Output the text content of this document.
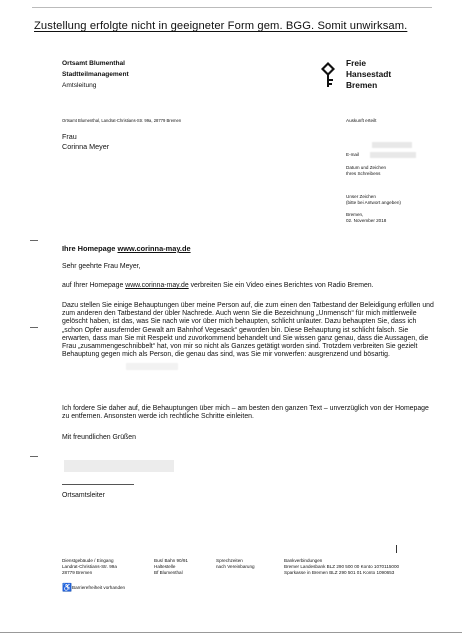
Zustellung erfolgte nicht in geeigneter Form gem. BGG. Somit unwirksam.
Ortsamt Blumenthal
Stadtteilmanagement
Amtsleitung
Freie
Hansestadt
Bremen
Ortsamt Blumenthal, Landrat-Christians-Str. 99a, 28779 Bremen
Frau
Corinna Meyer
Auskunft erteilt
E-mail
Datum und Zeichen
Ihres Schreibens
Unser Zeichen
(bitte bei Antwort angeben)
Bremen,
02. November 2018
Ihre Homepage www.corinna-may.de
Sehr geehrte Frau Meyer,
auf Ihrer Homepage www.corinna-may.de verbreiten Sie ein Video eines Berichtes von Radio Bremen.
Dazu stellen Sie einige Behauptungen über meine Person auf, die zum einen den Tatbestand der Beleidigung erfüllen und zum anderen den Tatbestand der übler Nachrede. Auch wenn Sie die Bezeichnung „Unmensch“ für mich mittlerweile gelöscht haben, ist das, was Sie nach wie vor über mich behaupten, schlicht unlauter. Dazu behaupten Sie, dass ich „schon Opfer ausufernder Gewalt am Bahnhof Vegesack“ geworden bin. Diese Behauptung ist schlicht falsch. Sie erwarten, dass man Sie mit Respekt und zuvorkommend behandelt und Sie wissen ganz genau, dass die Aussagen, die Frau „zusammengeschnibbelt“ hat, von mir so nicht als Ganzes getätigt worden sind. Trotzdem verbreiten Sie gezielt Behauptung gegen mich als Person, die genau das sind, was Sie mir vorwerfen: ausgrenzend und bösartig.
Ich fordere Sie daher auf, die Behauptungen über mich – am besten den ganzen Text – unverzüglich von der Homepage zu entfernen. Ansonsten werde ich rechtliche Schritte einleiten.
Mit freundlichen Grüßen
Ortsamtsleiter
Dienstgebäude / Eingang
Landrat-Christians-Str. 99a
28779 Bremen
Bus/ Bahn 90/91
Haltestelle
Bf Blumenthal
Sprechzeiten
nach Vereinbarung
Bankverbindungen
Bremer Landesbank BLZ 290 500 00 Konto 1070115000
Sparkasse in Bremen BLZ 290 501 01 Konto 1090653
♿ Barrierefreiheit vorhanden
